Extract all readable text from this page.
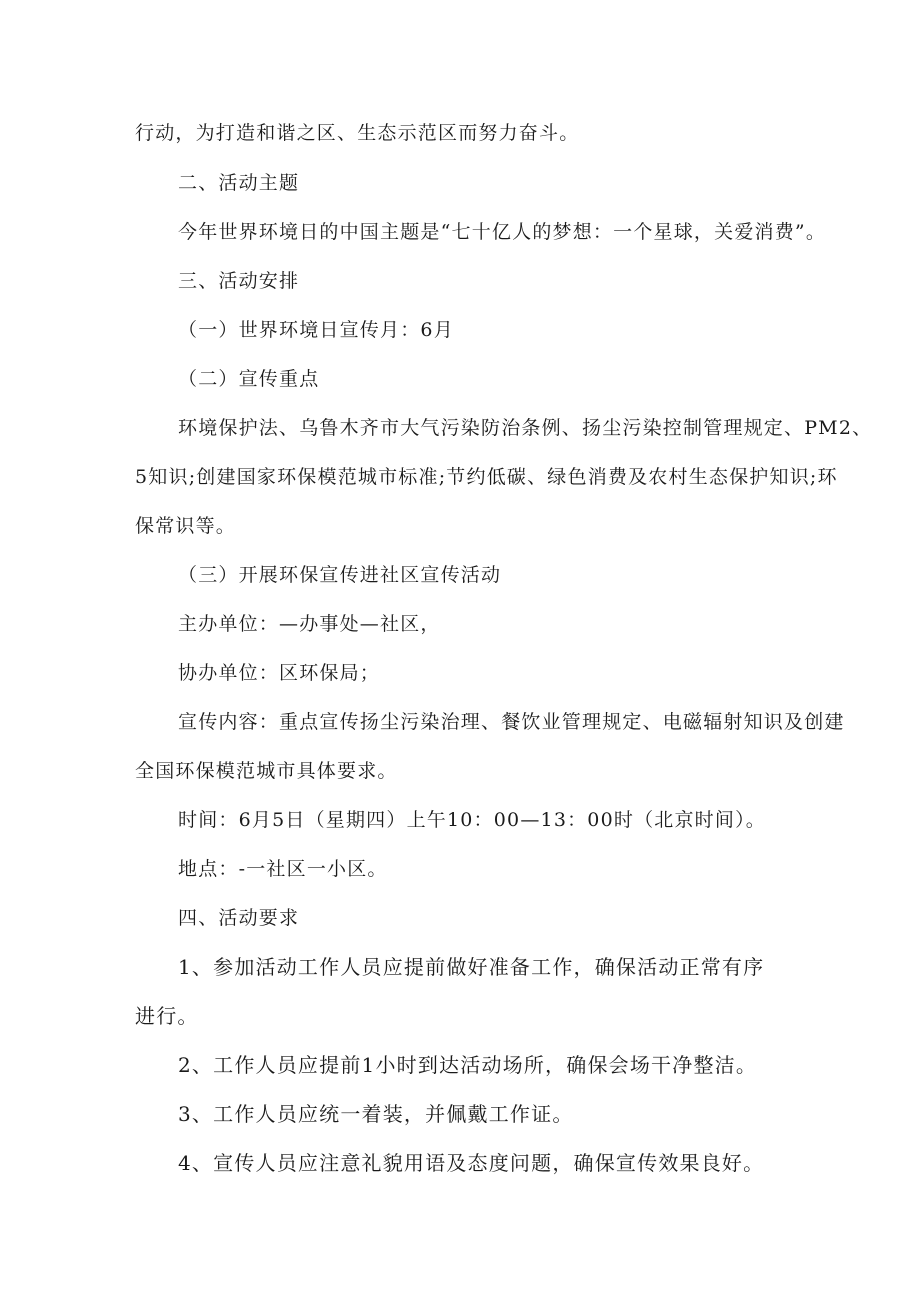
行动，为打造和谐之区、生态示范区而努力奋斗。
二、活动主题
今年世界环境日的中国主题是“七十亿人的梦想：一个星球，关爱消费”。
三、活动安排
（一）世界环境日宣传月：6月
（二）宣传重点
环境保护法、乌鲁木齐市大气污染防治条例、扬尘污染控制管理规定、PM2、
5知识;创建国家环保模范城市标准;节约低碳、绿色消费及农村生态保护知识;环
保常识等。
（三）开展环保宣传进社区宣传活动
主办单位：—办事处—社区，
协办单位：区环保局；
宣传内容：重点宣传扬尘污染治理、餐饮业管理规定、电磁辐射知识及创建
全国环保模范城市具体要求。
时间：6月5日（星期四）上午10：00—13：00时（北京时间）。
地点：-一社区一小区。
四、活动要求
1、参加活动工作人员应提前做好准备工作，确保活动正常有序
进行。
2、工作人员应提前1小时到达活动场所，确保会场干净整洁。
3、工作人员应统一着装，并佩戴工作证。
4、宣传人员应注意礼貌用语及态度问题，确保宣传效果良好。
